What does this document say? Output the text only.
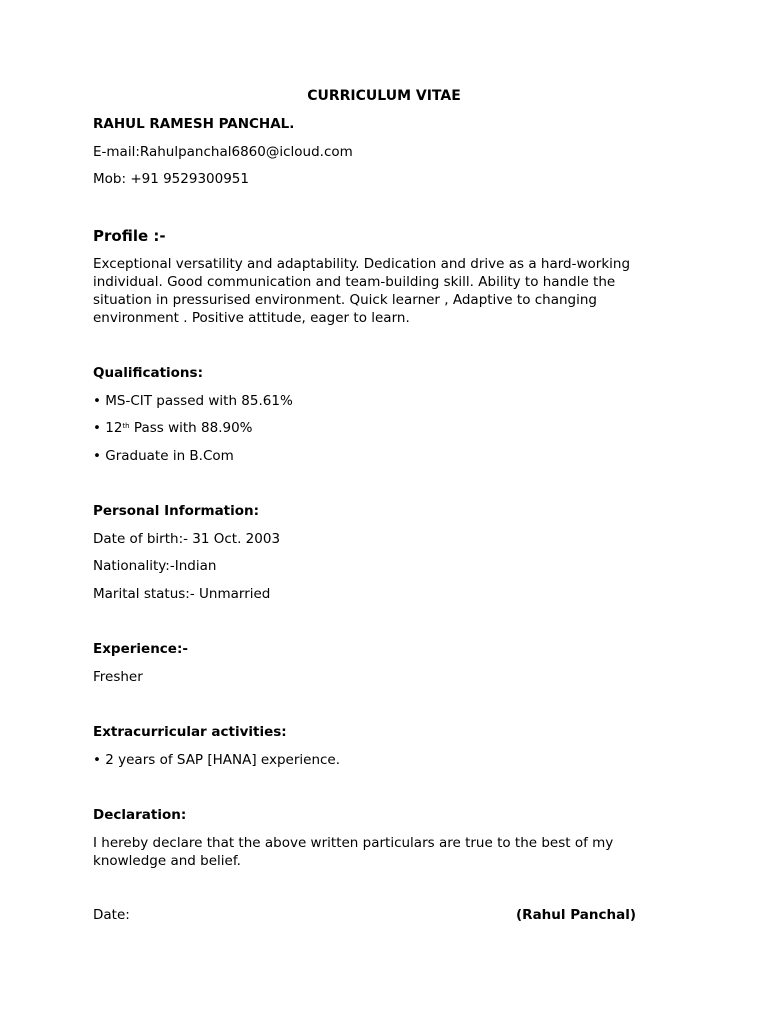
CURRICULUM VITAE
RAHUL RAMESH PANCHAL.
E-mail:Rahulpanchal6860@icloud.com
Mob: +91 9529300951
Profile :-
Exceptional versatility and adaptability. Dedication and drive as a hard-working individual. Good communication and team-building skill. Ability to handle the situation in pressurised environment. Quick learner , Adaptive to changing environment . Positive attitude, eager to learn.
Qualifications:
• MS-CIT passed with 85.61%
• 12th Pass with 88.90%
• Graduate in B.Com
Personal Information:
Date of birth:- 31 Oct. 2003
Nationality:-Indian
Marital status:- Unmarried
Experience:-
Fresher
Extracurricular activities:
• 2 years of SAP [HANA] experience.
Declaration:
I hereby declare that the above written particulars are true to the best of my knowledge and belief.
Date:	(Rahul Panchal)
